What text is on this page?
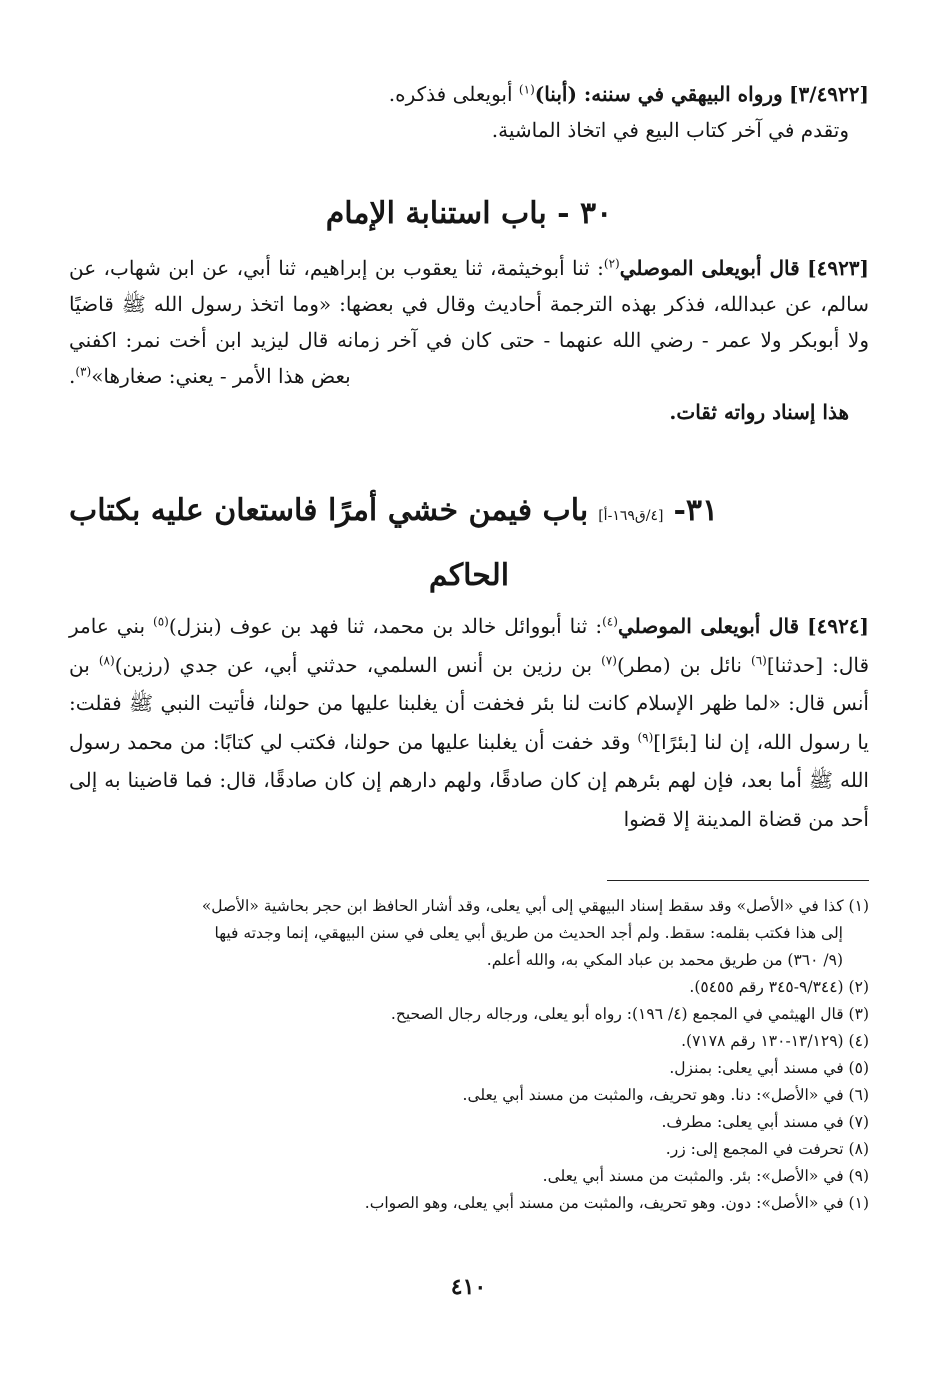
[٣/٤٩٢٢] ورواه البيهقي في سننه: (أبنا)$^{(١)}$ أبويعلى فذكره.

وتقدم في آخر كتاب البيع في اتخاذ الماشية.

٣٠ - باب استنابة الإمام

[٤٩٢٣] قال أبويعلى الموصلي$^{(٢)}$: ثنا أبوخيثمة، ثنا يعقوب بن إبراهيم، ثنا أبي، عن ابن شهاب، عن سالم، عن عبدالله، فذكر بهذه الترجمة أحاديث وقال في بعضها: «وما اتخذ رسول الله ﷺ قاضيًا ولا أبوبكر ولا عمر - رضي الله عنهما - حتى كان في آخر زمانه قال ليزيد ابن أخت نمر: اكفني بعض هذا الأمر - يعني: صغارها»$^{(٣)}$.

هذا إسناد رواته ثقات.

٣١-[٤/ق١٦٩-أ]باب فيمن خشي أمرًا فاستعان عليه بكتاب

الحاكم

[٤٩٢٤] قال أبويعلى الموصلي$^{(٤)}$: ثنا أبووائل خالد بن محمد، ثنا فهد بن عوف (بنزل)$^{(٥)}$ بني عامر قال: [حدثنا]$^{(٦)}$ نائل بن (مطر)$^{(٧)}$ بن رزين بن أنس السلمي، حدثني أبي، عن جدي (رزين)$^{(٨)}$ بن أنس قال: «لما ظهر الإسلام كانت لنا بئر فخفت أن يغلبنا عليها من حولنا، فأتيت النبي ﷺ فقلت: يا رسول الله، إن لنا [بئرًا]$^{(٩)}$ وقد خفت أن يغلبنا عليها من حولنا، فكتب لي كتابًا: من محمد رسول الله ﷺ أما بعد، فإن لهم بئرهم إن كان صادقًا، ولهم دارهم إن كان صادقًا، قال: فما قاضينا به إلى أحد من قضاة المدينة إلا قضوا

(١) كذا في «الأصل» وقد سقط إسناد البيهقي إلى أبي يعلى، وقد أشار الحافظ ابن حجر بحاشية «الأصل»

إلى هذا فكتب بقلمه: سقط. ولم أجد الحديث من طريق أبي يعلى في سنن البيهقي، إنما وجدته فيها

(٩/ ٣٦٠) من طريق محمد بن عباد المكي به، والله أعلم.

(٢) (٩/٣٤٤-٣٤٥ رقم ٥٤٥٥).

(٣) قال الهيثمي في المجمع (٤/ ١٩٦): رواه أبو يعلى، ورجاله رجال الصحيح.

(٤) (١٣/١٢٩-١٣٠ رقم ٧١٧٨).

(٥) في مسند أبي يعلى: بمنزل.

(٦) في «الأصل»: دنا. وهو تحريف، والمثبت من مسند أبي يعلى.

(٧) في مسند أبي يعلى: مطرف.

(٨) تحرفت في المجمع إلى: زر.

(٩) في «الأصل»: بئر. والمثبت من مسند أبي يعلى.

(١) في «الأصل»: دون. وهو تحريف، والمثبت من مسند أبي يعلى، وهو الصواب.

٤١٠
